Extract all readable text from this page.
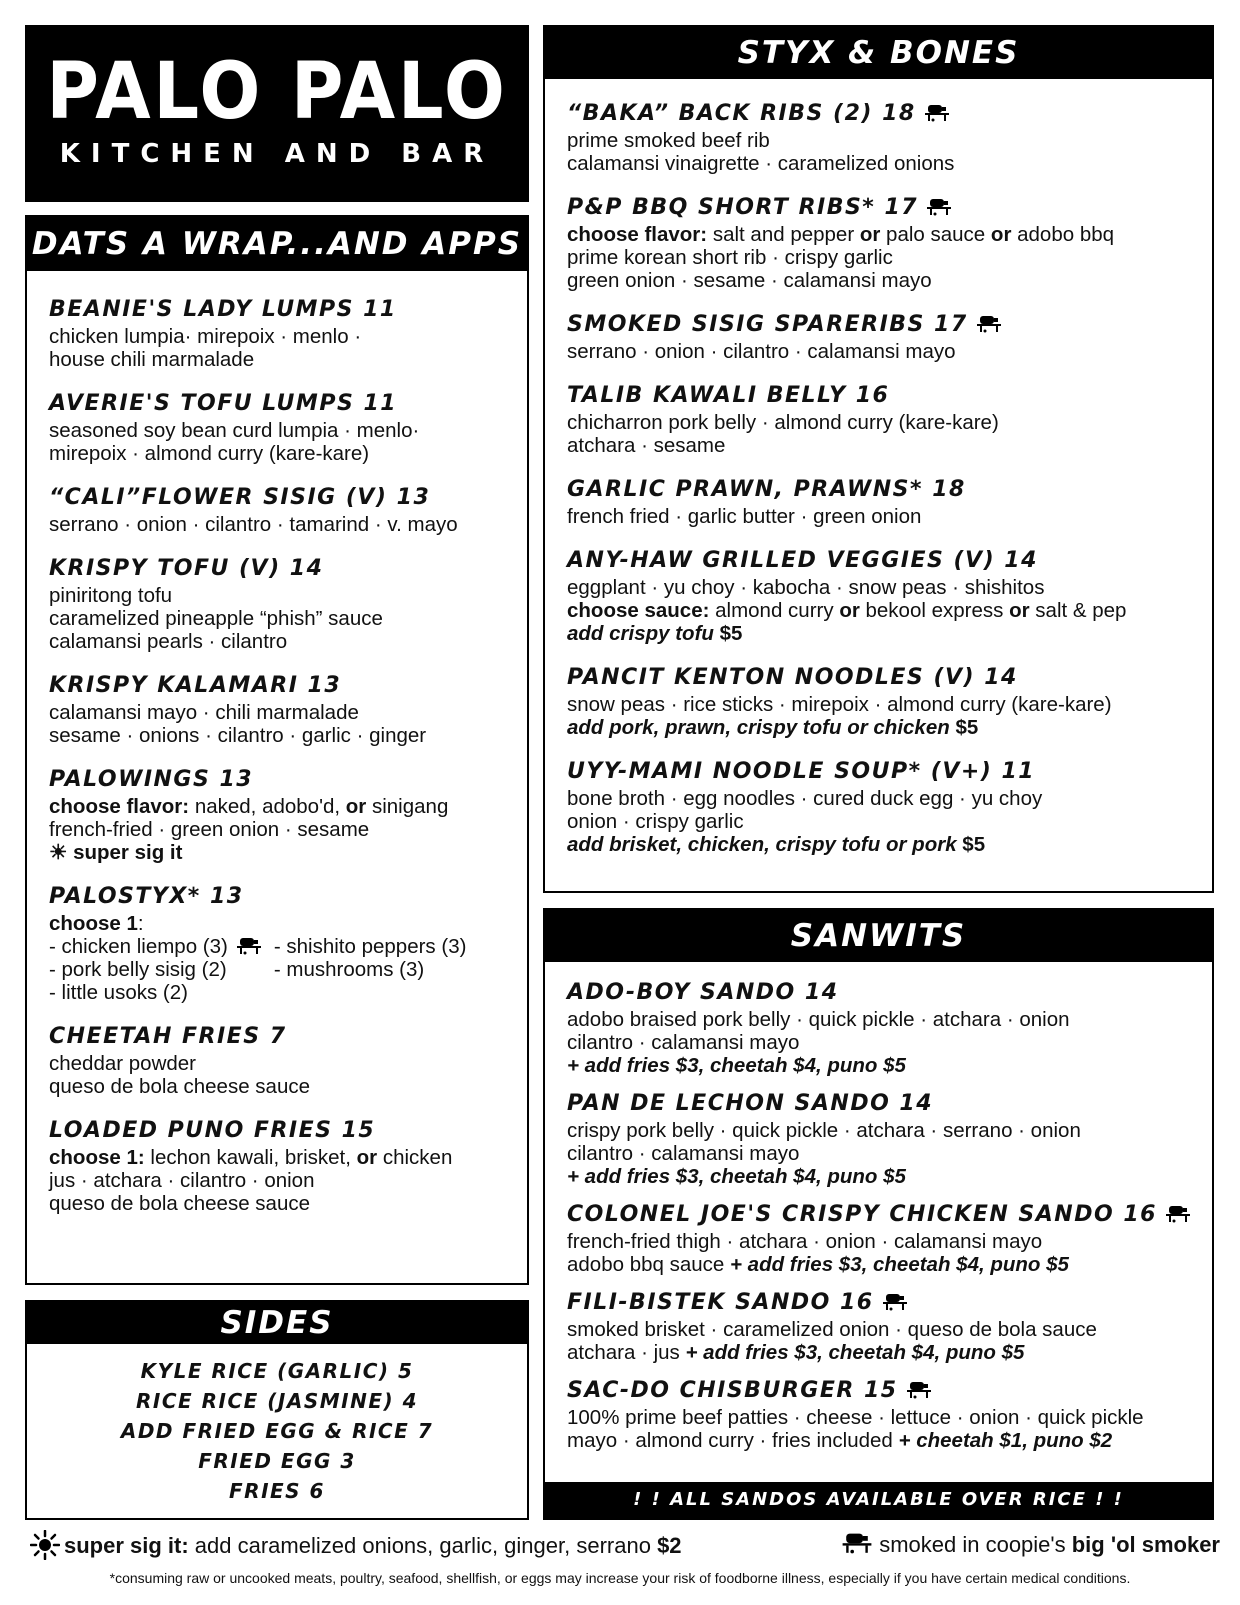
PALO PALO
KITCHEN AND BAR
DATS A WRAP...AND APPS
BEANIE'S LADY LUMPS 11
chicken lumpia· mirepoix · menlo ·
house chili marmalade
AVERIE'S TOFU LUMPS 11
seasoned soy bean curd lumpia · menlo·
mirepoix · almond curry (kare-kare)
“CALI”FLOWER SISIG (V) 13
serrano · onion · cilantro · tamarind · v. mayo
KRISPY TOFU (V) 14
piniritong tofu
caramelized pineapple “phish” sauce
calamansi pearls · cilantro
KRISPY KALAMARI 13
calamansi mayo · chili marmalade
sesame · onions · cilantro · garlic · ginger
PALOWINGS 13
choose flavor: naked, adobo'd, or sinigang
french-fried · green onion · sesame
☀ super sig it
PALOSTYX* 13
choose 1:
- chicken liempo (3)
- pork belly sisig (2)
- little usoks (2)
- shishito peppers (3)
- mushrooms (3)
CHEETAH FRIES 7
cheddar powder
queso de bola cheese sauce
LOADED PUNO FRIES 15
choose 1: lechon kawali, brisket, or chicken
jus · atchara · cilantro · onion
queso de bola cheese sauce
SIDES
KYLE RICE (GARLIC) 5
RICE RICE (JASMINE) 4
ADD FRIED EGG & RICE 7
FRIED EGG 3
FRIES 6
STYX & BONES
“BAKA” BACK RIBS (2) 18
prime smoked beef rib
calamansi vinaigrette · caramelized onions
P&P BBQ SHORT RIBS* 17
choose flavor: salt and pepper or palo sauce or adobo bbq
prime korean short rib · crispy garlic
green onion · sesame · calamansi mayo
SMOKED SISIG SPARERIBS 17
serrano · onion · cilantro · calamansi mayo
TALIB KAWALI BELLY 16
chicharron pork belly · almond curry (kare-kare)
atchara · sesame
GARLIC PRAWN, PRAWNS* 18
french fried · garlic butter · green onion
ANY-HAW GRILLED VEGGIES (V) 14
eggplant · yu choy · kabocha · snow peas · shishitos
choose sauce: almond curry or bekool express or salt & pep
add crispy tofu $5
PANCIT KENTON NOODLES (V) 14
snow peas · rice sticks · mirepoix · almond curry (kare-kare)
add pork, prawn, crispy tofu or chicken $5
UYY-MAMI NOODLE SOUP* (V+) 11
bone broth · egg noodles · cured duck egg · yu choy
onion · crispy garlic
add brisket, chicken, crispy tofu or pork $5
SANWITS
ADO-BOY SANDO 14
adobo braised pork belly · quick pickle · atchara · onion
cilantro · calamansi mayo
+ add fries $3, cheetah $4, puno $5
PAN DE LECHON SANDO 14
crispy pork belly · quick pickle · atchara · serrano · onion
cilantro · calamansi mayo
+ add fries $3, cheetah $4, puno $5
COLONEL JOE'S CRISPY CHICKEN SANDO 16
french-fried thigh · atchara · onion · calamansi mayo
adobo bbq sauce + add fries $3, cheetah $4, puno $5
FILI-BISTEK SANDO 16
smoked brisket · caramelized onion · queso de bola sauce
atchara · jus + add fries $3, cheetah $4, puno $5
SAC-DO CHISBURGER 15
100% prime beef patties · cheese · lettuce · onion · quick pickle
mayo · almond curry · fries included + cheetah $1, puno $2
! ! ALL SANDOS AVAILABLE OVER RICE ! !
super sig it: add caramelized onions, garlic, ginger, serrano $2	smoked in coopie's big 'ol smoker
*consuming raw or uncooked meats, poultry, seafood, shellfish, or eggs may increase your risk of foodborne illness, especially if you have certain medical conditions.
